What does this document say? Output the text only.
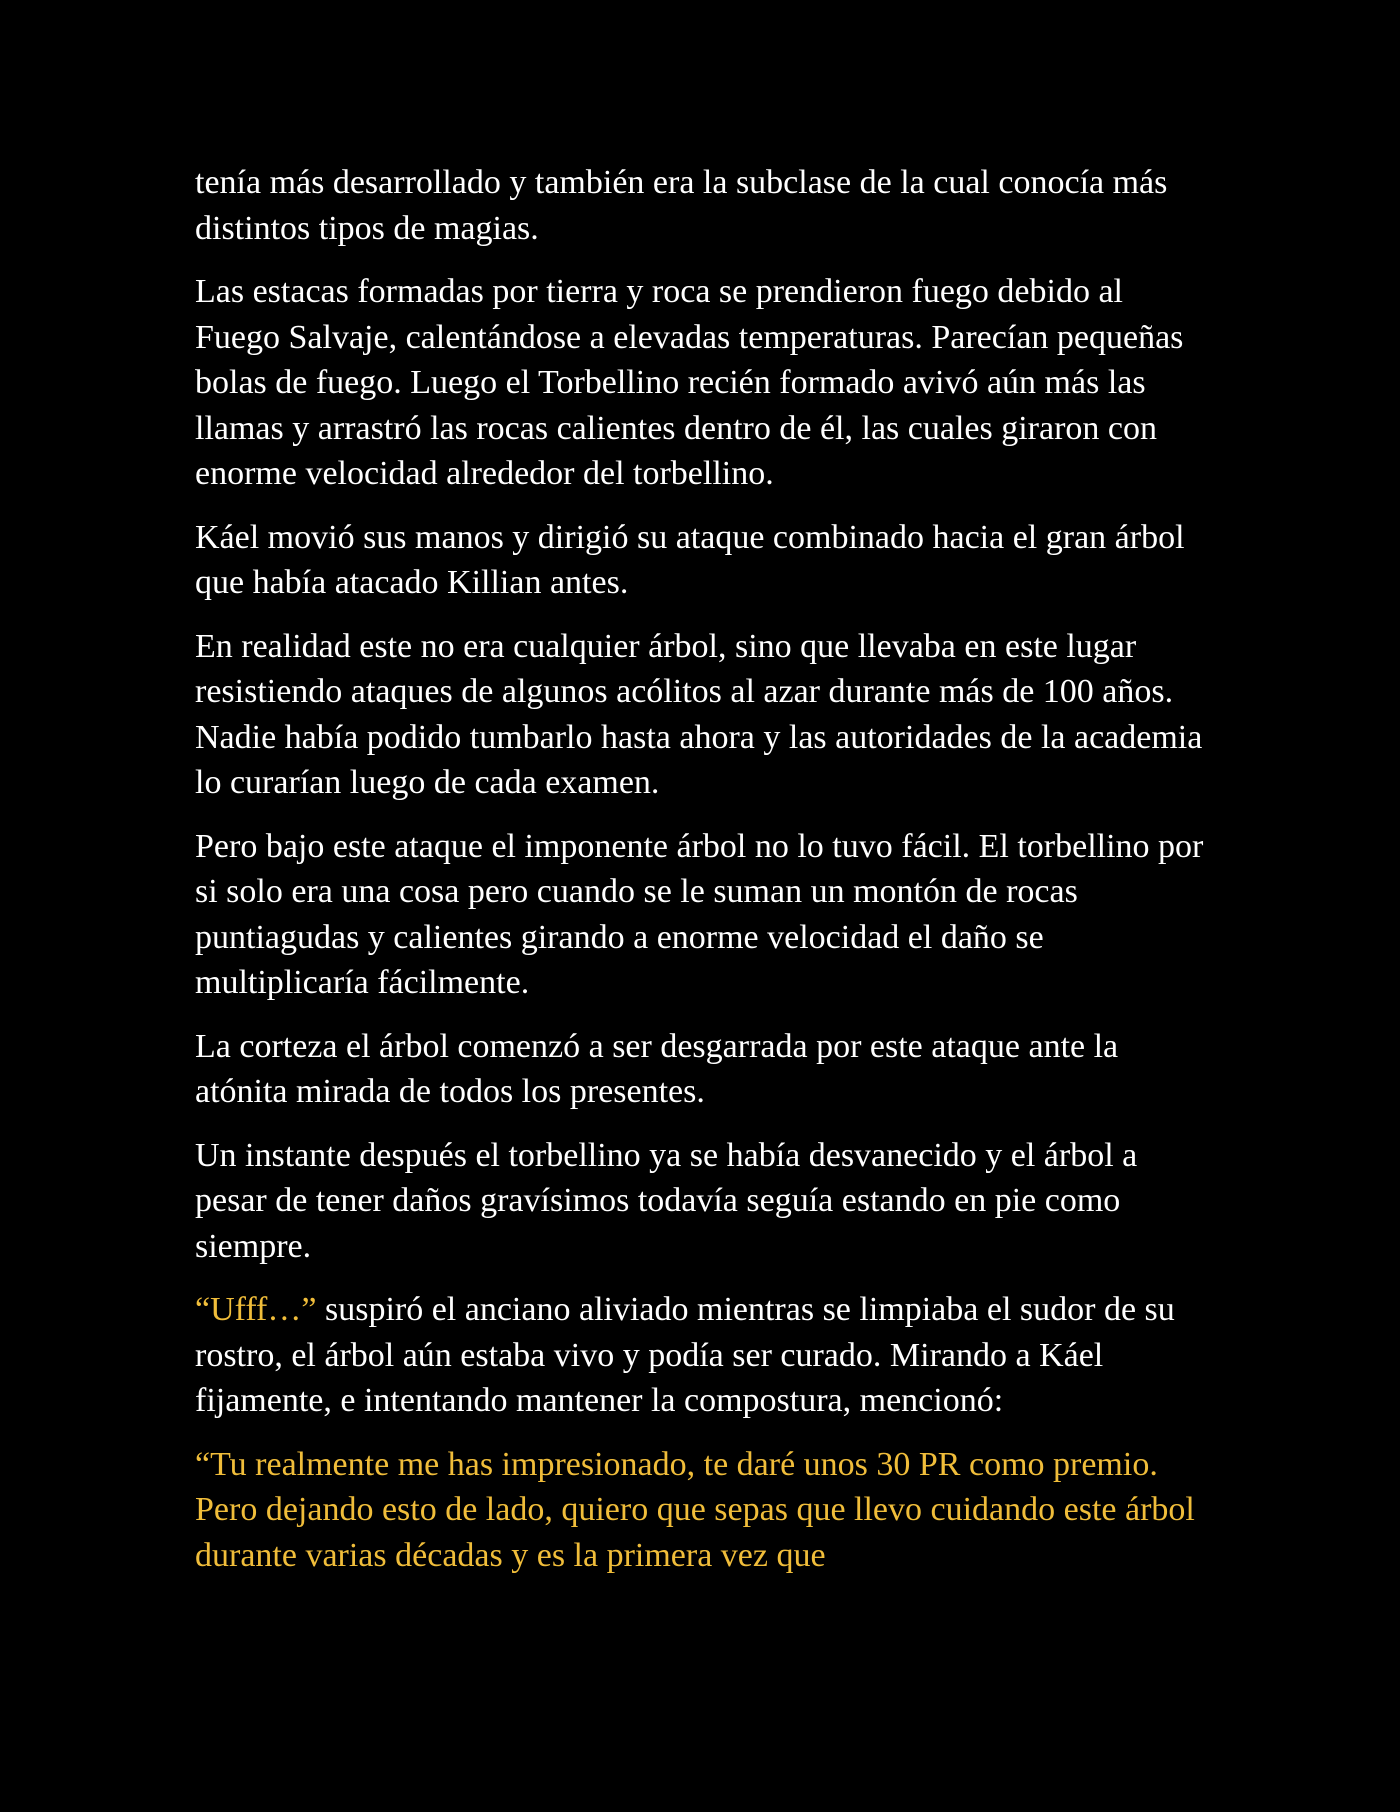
tenía más desarrollado y también era la subclase de la cual conocía más distintos tipos de magias.

Las estacas formadas por tierra y roca se prendieron fuego debido al Fuego Salvaje, calentándose a elevadas temperaturas. Parecían pequeñas bolas de fuego. Luego el Torbellino recién formado avivó aún más las llamas y arrastró las rocas calientes dentro de él, las cuales giraron con enorme velocidad alrededor del torbellino.

Káel movió sus manos y dirigió su ataque combinado hacia el gran árbol que había atacado Killian antes.

En realidad este no era cualquier árbol, sino que llevaba en este lugar resistiendo ataques de algunos acólitos al azar durante más de 100 años. Nadie había podido tumbarlo hasta ahora y las autoridades de la academia lo curarían luego de cada examen.

Pero bajo este ataque el imponente árbol no lo tuvo fácil. El torbellino por si solo era una cosa pero cuando se le suman un montón de rocas puntiagudas y calientes girando a enorme velocidad el daño se multiplicaría fácilmente.

La corteza el árbol comenzó a ser desgarrada por este ataque ante la atónita mirada de todos los presentes.

Un instante después el torbellino ya se había desvanecido y el árbol a pesar de tener daños gravísimos todavía seguía estando en pie como siempre.

“Ufff…” suspiró el anciano aliviado mientras se limpiaba el sudor de su rostro, el árbol aún estaba vivo y podía ser curado. Mirando a Káel fijamente, e intentando mantener la compostura, mencionó:

“Tu realmente me has impresionado, te daré unos 30 PR como premio. Pero dejando esto de lado, quiero que sepas que llevo cuidando este árbol durante varias décadas y es la primera vez que
